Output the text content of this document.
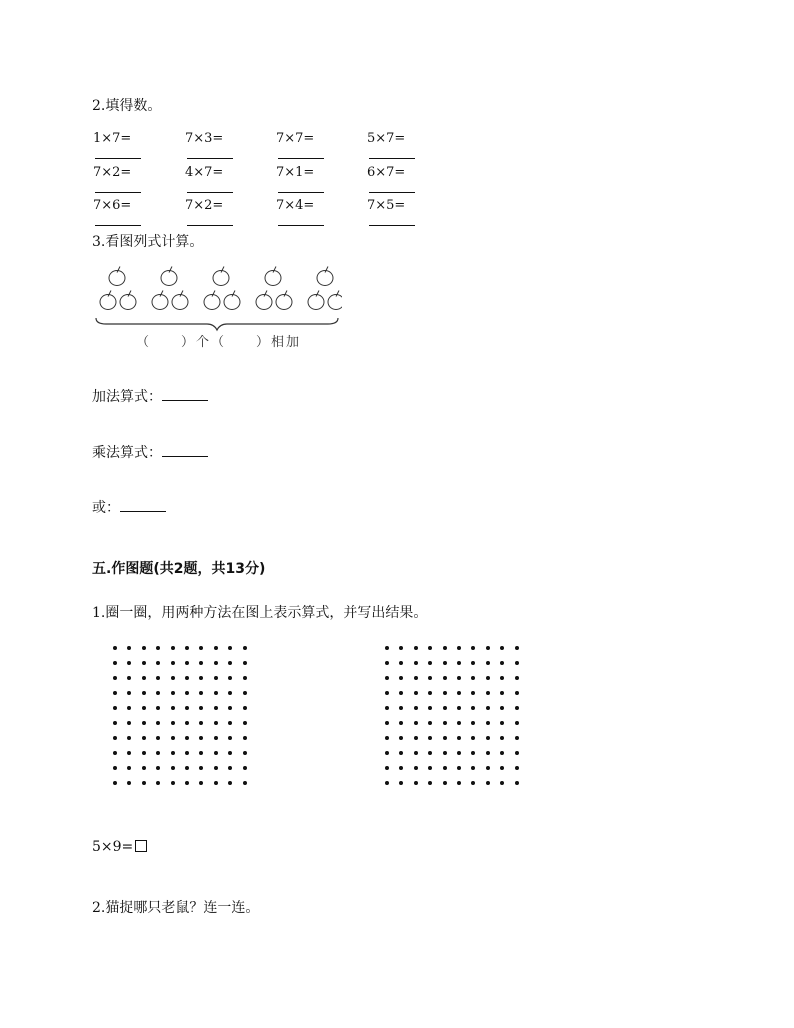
2.填得数。
1×7=	7×3=	7×7=	5×7=
7×2=	4×7=	7×1=	6×7=
7×6=	7×2=	7×4=	7×5=
3.看图列式计算。
（　　）个（　　）相加
加法算式：
乘法算式：
或：
五.作图题(共2题，共13分)
1.圈一圈，用两种方法在图上表示算式，并写出结果。
5×9=
2.猫捉哪只老鼠？连一连。
